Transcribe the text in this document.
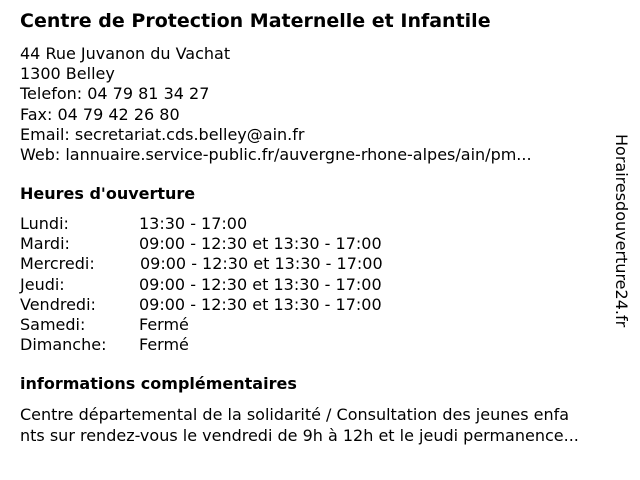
Centre de Protection Maternelle et Infantile
44 Rue Juvanon du Vachat
1300 Belley
Telefon: 04 79 81 34 27
Fax: 04 79 42 26 80
Email: secretariat.cds.belley@ain.fr
Web: lannuaire.service-public.fr/auvergne-rhone-alpes/ain/pm...
Heures d'ouverture
Lundi:	13:30 - 17:00
Mardi:	09:00 - 12:30 et 13:30 - 17:00
Mercredi:	09:00 - 12:30 et 13:30 - 17:00
Jeudi:	09:00 - 12:30 et 13:30 - 17:00
Vendredi:	09:00 - 12:30 et 13:30 - 17:00
Samedi:	Fermé
Dimanche: Fermé
informations complémentaires
Centre départemental de la solidarité / Consultation des jeunes enfa
nts sur rendez-vous le vendredi de 9h à 12h et le jeudi permanence...
Horairesdouverture24.fr
